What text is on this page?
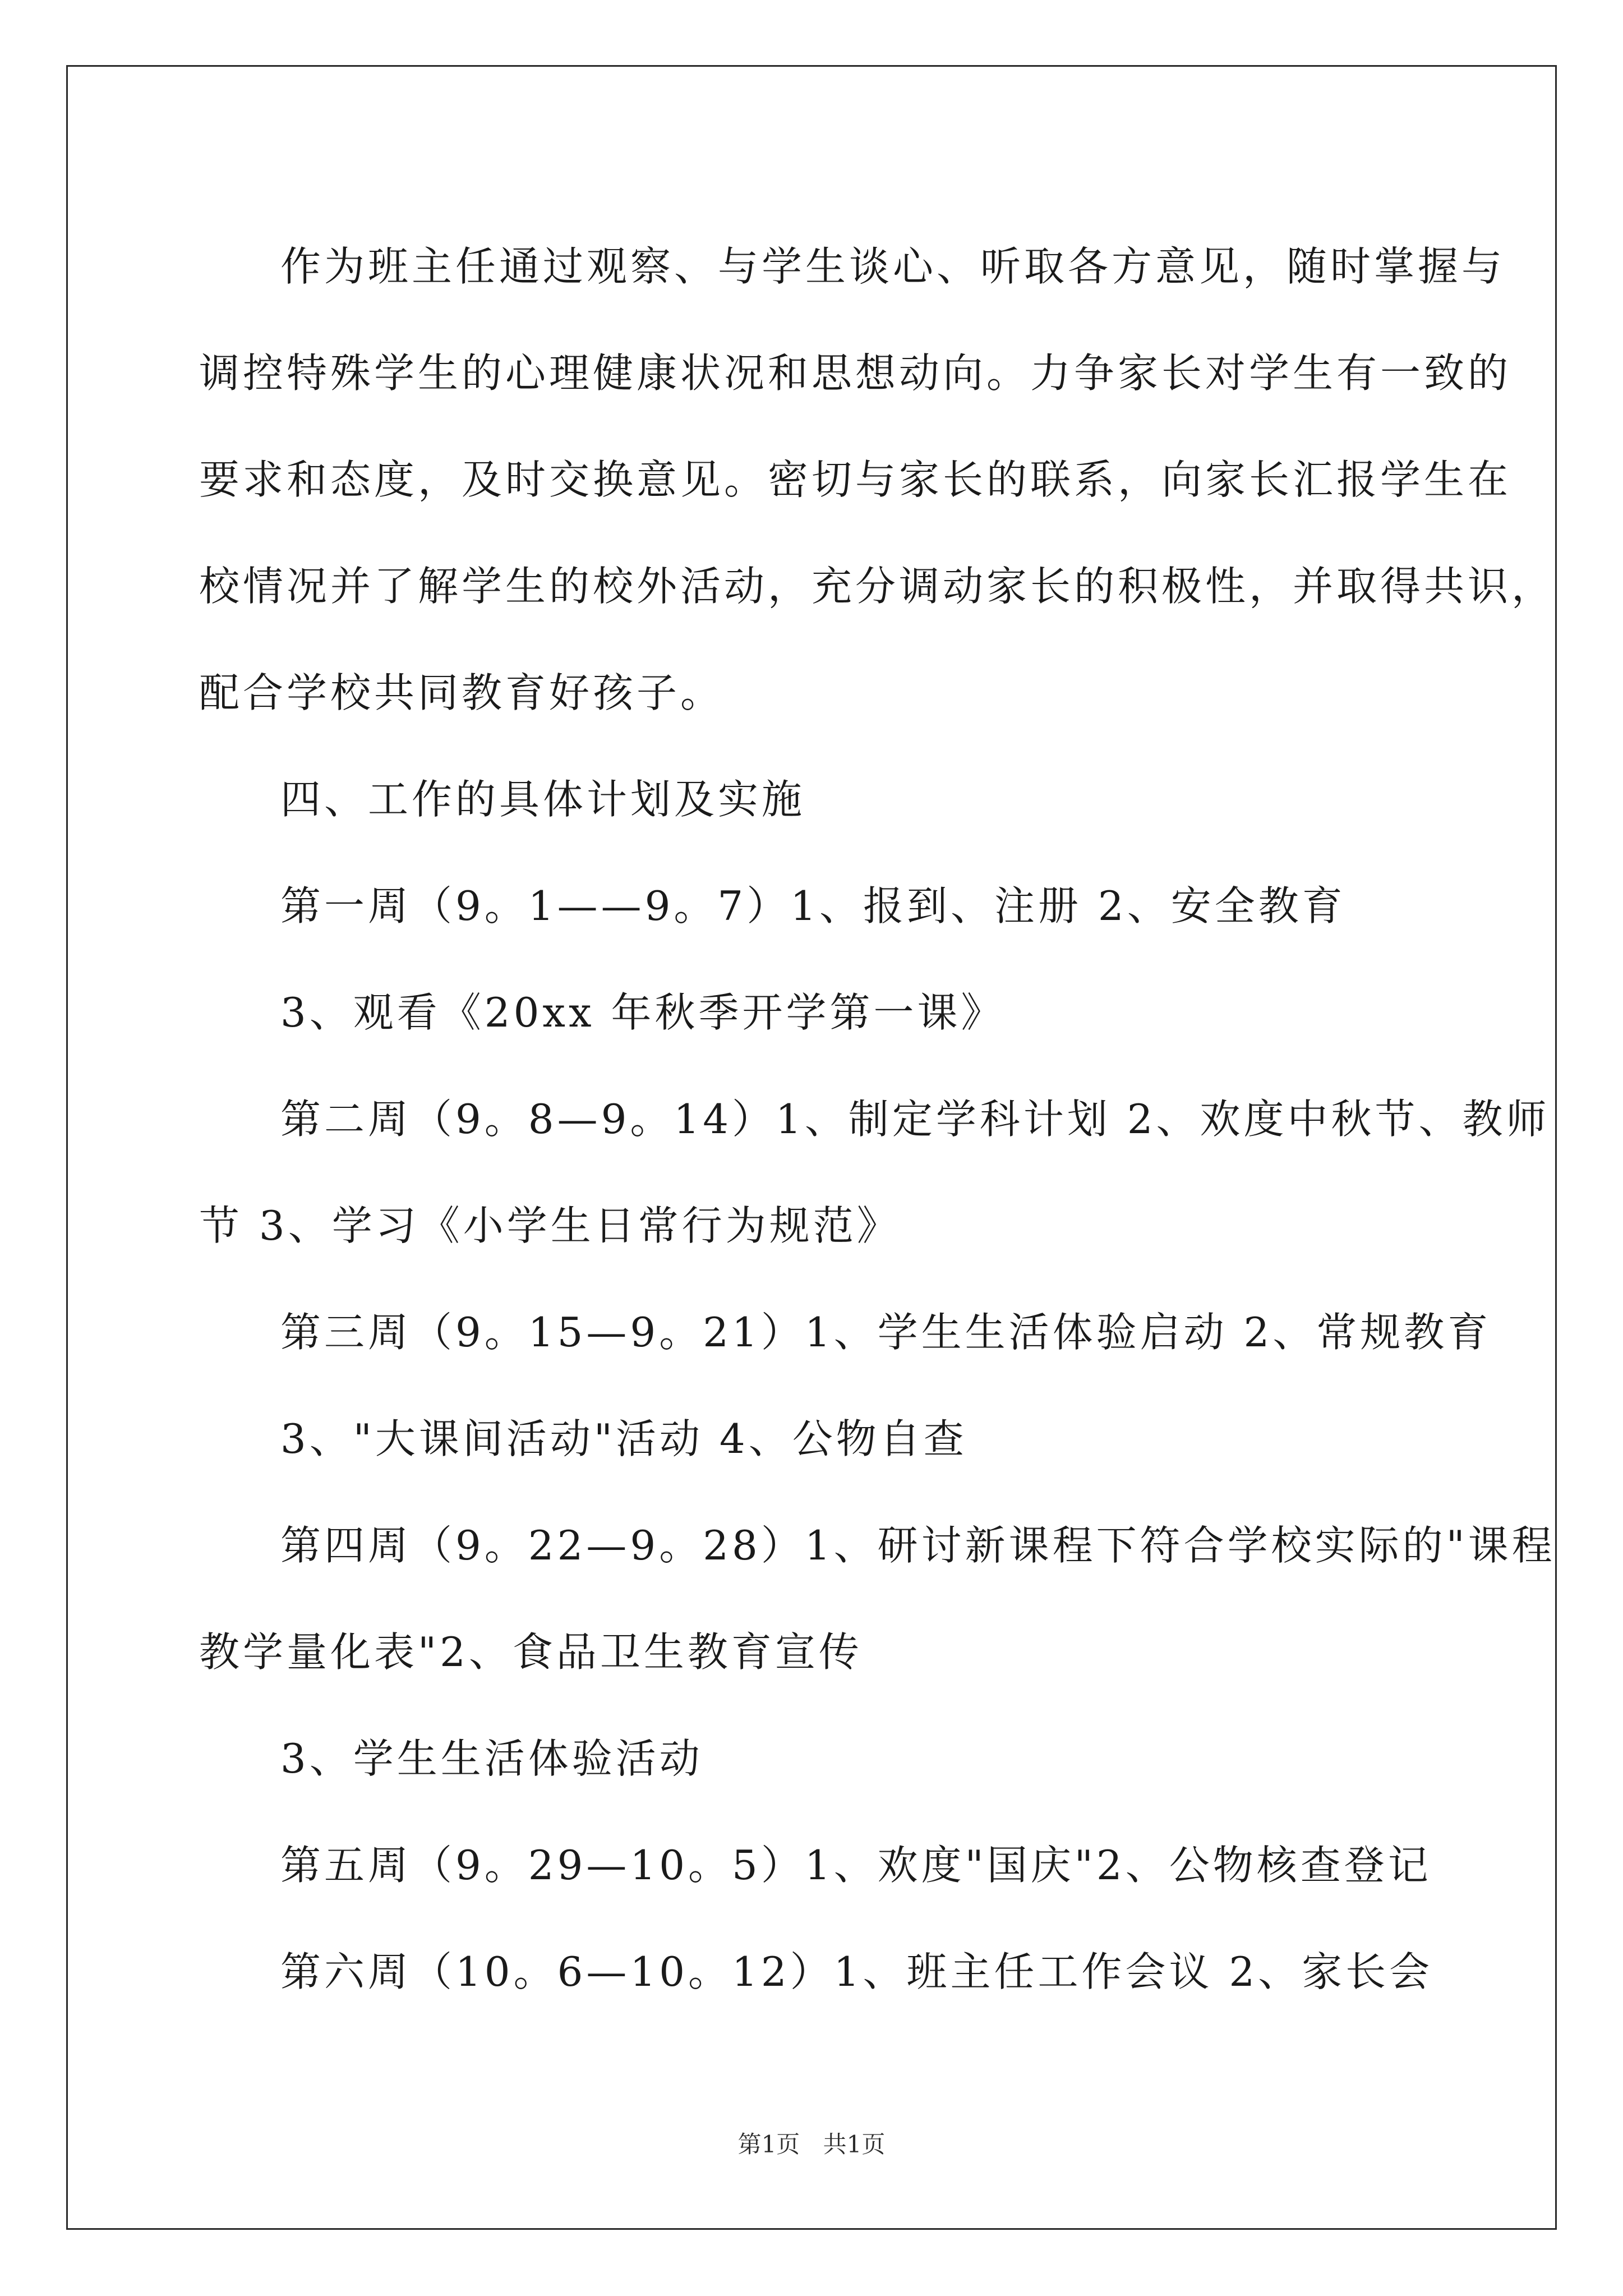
作为班主任通过观察、与学生谈心、听取各方意见，随时掌握与
调控特殊学生的心理健康状况和思想动向。力争家长对学生有一致的
要求和态度，及时交换意见。密切与家长的联系，向家长汇报学生在
校情况并了解学生的校外活动，充分调动家长的积极性，并取得共识，
配合学校共同教育好孩子。
四、工作的具体计划及实施
第一周（9。1——9。7）1、报到、注册 2、安全教育
3、观看《20xx 年秋季开学第一课》
第二周（9。8—9。14）1、制定学科计划 2、欢度中秋节、教师
节 3、学习《小学生日常行为规范》
第三周（9。15—9。21）1、学生生活体验启动 2、常规教育
3、"大课间活动"活动 4、公物自查
第四周（9。22—9。28）1、研讨新课程下符合学校实际的"课程
教学量化表"2、食品卫生教育宣传
3、学生生活体验活动
第五周（9。29—10。5）1、欢度"国庆"2、公物核查登记
第六周（10。6—10。12）1、班主任工作会议 2、家长会
第1页 共1页
